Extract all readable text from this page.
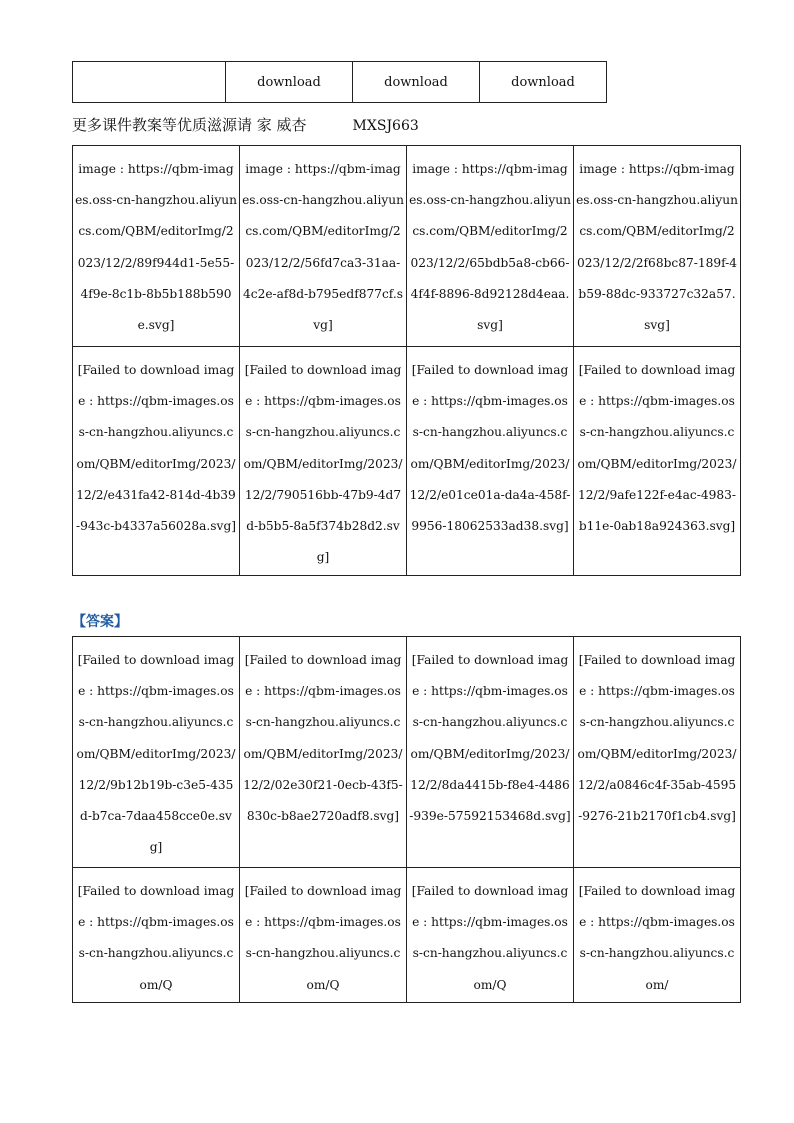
	download	download	download
更多课件教案等优质滋源请 家 威杏	MXSJ663
image : https://qbm-images.oss-cn-hangzhou.aliyuncs.com/QBM/editorImg/2023/12/2/89f944d1-5e55-4f9e-8c1b-8b5b188b590e.svg]	image : https://qbm-images.oss-cn-hangzhou.aliyuncs.com/QBM/editorImg/2023/12/2/56fd7ca3-31aa-4c2e-af8d-b795edf877cf.svg]	image : https://qbm-images.oss-cn-hangzhou.aliyuncs.com/QBM/editorImg/2023/12/2/65bdb5a8-cb66-4f4f-8896-8d92128d4eaa.svg]	image : https://qbm-images.oss-cn-hangzhou.aliyuncs.com/QBM/editorImg/2023/12/2/2f68bc87-189f-4b59-88dc-933727c32a57.svg]
[Failed to download image : https://qbm-images.oss-cn-hangzhou.aliyuncs.com/QBM/editorImg/2023/12/2/e431fa42-814d-4b39-943c-b4337a56028a.svg]	[Failed to download image : https://qbm-images.oss-cn-hangzhou.aliyuncs.com/QBM/editorImg/2023/12/2/790516bb-47b9-4d7d-b5b5-8a5f374b28d2.svg]	[Failed to download image : https://qbm-images.oss-cn-hangzhou.aliyuncs.com/QBM/editorImg/2023/12/2/e01ce01a-da4a-458f-9956-18062533ad38.svg]	[Failed to download image : https://qbm-images.oss-cn-hangzhou.aliyuncs.com/QBM/editorImg/2023/12/2/9afe122f-e4ac-4983-b11e-0ab18a924363.svg]
【答案】
[Failed to download image : https://qbm-images.oss-cn-hangzhou.aliyuncs.com/QBM/editorImg/2023/12/2/9b12b19b-c3e5-435d-b7ca-7daa458cce0e.svg]	[Failed to download image : https://qbm-images.oss-cn-hangzhou.aliyuncs.com/QBM/editorImg/2023/12/2/02e30f21-0ecb-43f5-830c-b8ae2720adf8.svg]	[Failed to download image : https://qbm-images.oss-cn-hangzhou.aliyuncs.com/QBM/editorImg/2023/12/2/8da4415b-f8e4-4486-939e-57592153468d.svg]	[Failed to download image : https://qbm-images.oss-cn-hangzhou.aliyuncs.com/QBM/editorImg/2023/12/2/a0846c4f-35ab-4595-9276-21b2170f1cb4.svg]
[Failed to download image : https://qbm-images.oss-cn-hangzhou.aliyuncs.com/Q	[Failed to download image : https://qbm-images.oss-cn-hangzhou.aliyuncs.com/Q	[Failed to download image : https://qbm-images.oss-cn-hangzhou.aliyuncs.com/Q	[Failed to download image : https://qbm-images.oss-cn-hangzhou.aliyuncs.com/
